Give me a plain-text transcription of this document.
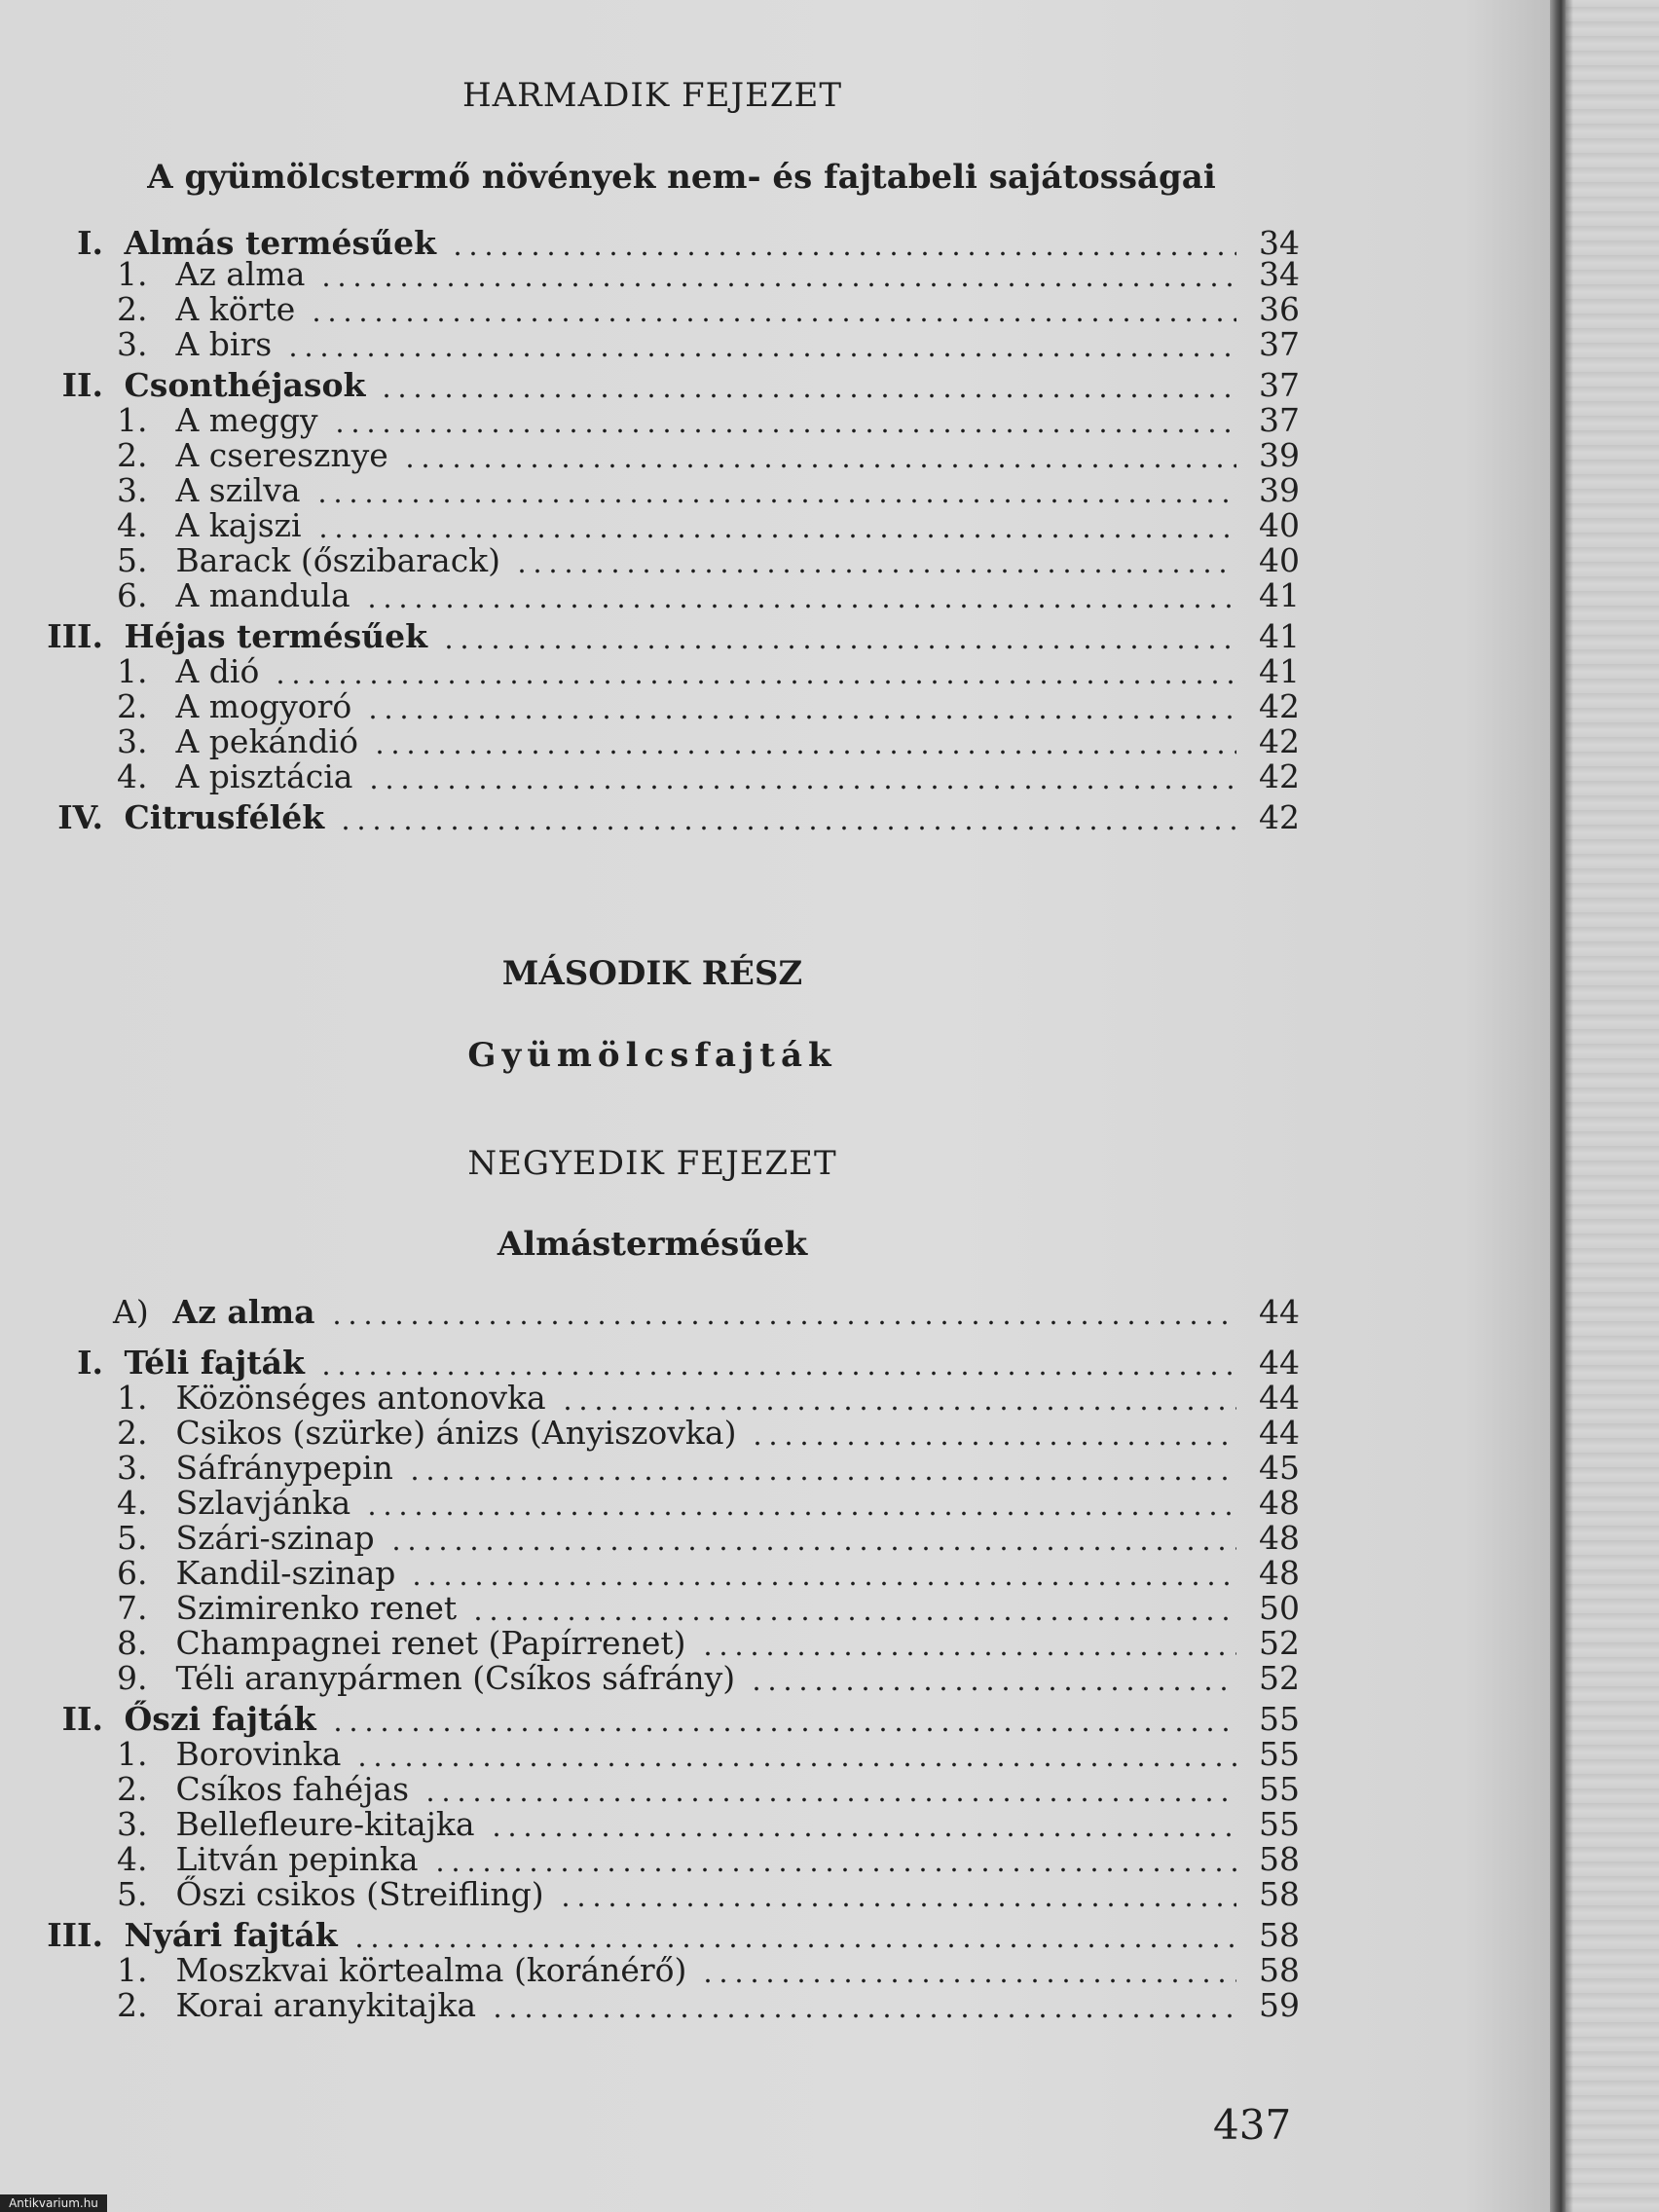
HARMADIK FEJEZET
A gyümölcstermő növények nem- és fajtabeli sajátosságai
I. Almás termésűek	34
1. Az alma	34
2. A körte	36
3. A birs	37
II. Csonthéjasok	37
1. A meggy	37
2. A cseresznye	39
3. A szilva	39
4. A kajszi	40
5. Barack (őszibarack)	40
6. A mandula	41
III. Héjas termésűek	41
1. A dió	41
2. A mogyoró	42
3. A pekándió	42
4. A pisztácia	42
IV. Citrusfélék	42
MÁSODIK RÉSZ
Gyümölcsfajták
NEGYEDIK FEJEZET
Almástermésűek
A) Az alma	44
I. Téli fajták	44
1. Közönséges antonovka	44
2. Csikos (szürke) ánizs (Anyiszovka)	44
3. Sáfránypepin	45
4. Szlavjánka	48
5. Szári-szinap	48
6. Kandil-szinap	48
7. Szimirenko renet	50
8. Champagnei renet (Papírrenet)	52
9. Téli aranypármen (Csíkos sáfrány)	52
II. Őszi fajták	55
1. Borovinka	55
2. Csíkos fahéjas	55
3. Bellefleure-kitajka	55
4. Litván pepinka	58
5. Őszi csikos (Streifling)	58
III. Nyári fajták	58
1. Moszkvai körtealma (koránérő)	58
2. Korai aranykitajka	59
437
Antikvarium.hu
